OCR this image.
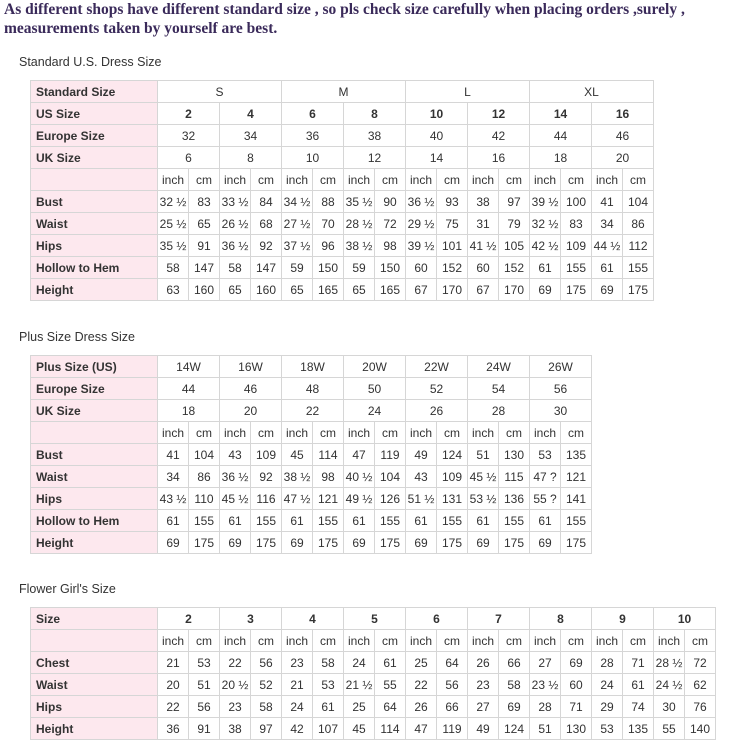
As different shops have different standard size , so pls check size carefully when placing orders ,surely , measurements taken by yourself are best.
Standard U.S. Dress Size
Standard Size	S				M				L				XL			
US Size	2		4		6		8		10		12		14		16	
Europe Size	32		34		36		38		40		42		44		46	
UK Size	6		8		10		12		14		16		18		20	
	inch	cm	inch	cm	inch	cm	inch	cm	inch	cm	inch	cm	inch	cm	inch	cm
Bust	32 ½	83	33 ½	84	34 ½	88	35 ½	90	36 ½	93	38	97	39 ½	100	41	104
Waist	25 ½	65	26 ½	68	27 ½	70	28 ½	72	29 ½	75	31	79	32 ½	83	34	86
Hips	35 ½	91	36 ½	92	37 ½	96	38 ½	98	39 ½	101	41 ½	105	42 ½	109	44 ½	112
Hollow to Hem	58	147	58	147	59	150	59	150	60	152	60	152	61	155	61	155
Height	63	160	65	160	65	165	65	165	67	170	67	170	69	175	69	175
Plus Size Dress Size
Plus Size (US)	14W		16W		18W		20W		22W		24W		26W	
Europe Size	44		46		48		50		52		54		56	
UK Size	18		20		22		24		26		28		30	
	inch	cm	inch	cm	inch	cm	inch	cm	inch	cm	inch	cm	inch	cm
Bust	41	104	43	109	45	114	47	119	49	124	51	130	53	135
Waist	34	86	36 ½	92	38 ½	98	40 ½	104	43	109	45 ½	115	47 ?	121
Hips	43 ½	110	45 ½	116	47 ½	121	49 ½	126	51 ½	131	53 ½	136	55 ?	141
Hollow to Hem	61	155	61	155	61	155	61	155	61	155	61	155	61	155
Height	69	175	69	175	69	175	69	175	69	175	69	175	69	175
Flower Girl's Size
Size	2		3		4		5		6		7		8		9		10	
	inch	cm	inch	cm	inch	cm	inch	cm	inch	cm	inch	cm	inch	cm	inch	cm	inch	cm
Chest	21	53	22	56	23	58	24	61	25	64	26	66	27	69	28	71	28 ½	72
Waist	20	51	20 ½	52	21	53	21 ½	55	22	56	23	58	23 ½	60	24	61	24 ½	62
Hips	22	56	23	58	24	61	25	64	26	66	27	69	28	71	29	74	30	76
Height	36	91	38	97	42	107	45	114	47	119	49	124	51	130	53	135	55	140
